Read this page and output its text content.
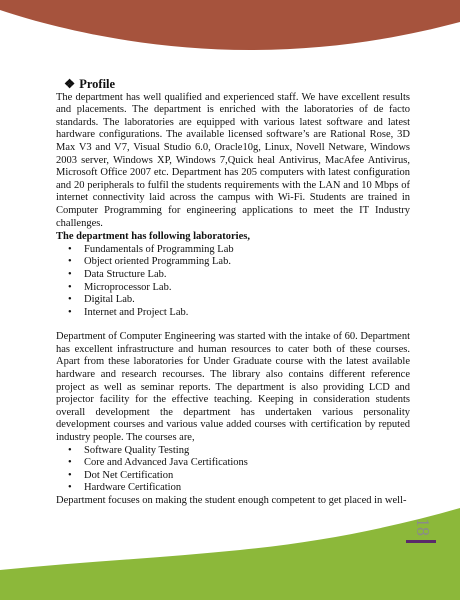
❖ Profile

The department has well qualified and experienced staff. We have excellent results and placements. The department is enriched with the laboratories of de facto standards. The laboratories are equipped with various latest software and latest hardware configurations. The available licensed software’s are Rational Rose, 3D Max V3 and V7, Visual Studio 6.0, Oracle10g, Linux, Novell Netware, Windows 2003 server, Windows XP, Windows 7,Quick heal Antivirus, MacAfee Antivirus, Microsoft Office 2007 etc. Department has 205 computers with latest configuration and 20 peripherals to fulfil the students requirements with the LAN and 10 Mbps of internet connectivity laid across the campus with Wi-Fi. Students are trained in Computer Programming for engineering applications to meet the IT Industry challenges.

The department has following laboratories,
• Fundamentals of Programming Lab
• Object oriented Programming Lab.
• Data Structure Lab.
• Microprocessor Lab.
• Digital Lab.
• Internet and Project Lab.

Department of Computer Engineering was started with the intake of 60. Department has excellent infrastructure and human resources to cater both of these courses. Apart from these laboratories for Under Graduate course with the latest available hardware and research recourses. The library also contains different reference project as well as seminar reports. The department is also providing LCD and projector facility for the effective teaching. Keeping in consideration students overall development the department has undertaken various personality development courses and various value added courses with certification by reputed industry people. The courses are,

• Software Quality Testing
• Core and Advanced Java Certifications
• Dot Net Certification
• Hardware Certification

Department focuses on making the student enough competent to get placed in well-

18
